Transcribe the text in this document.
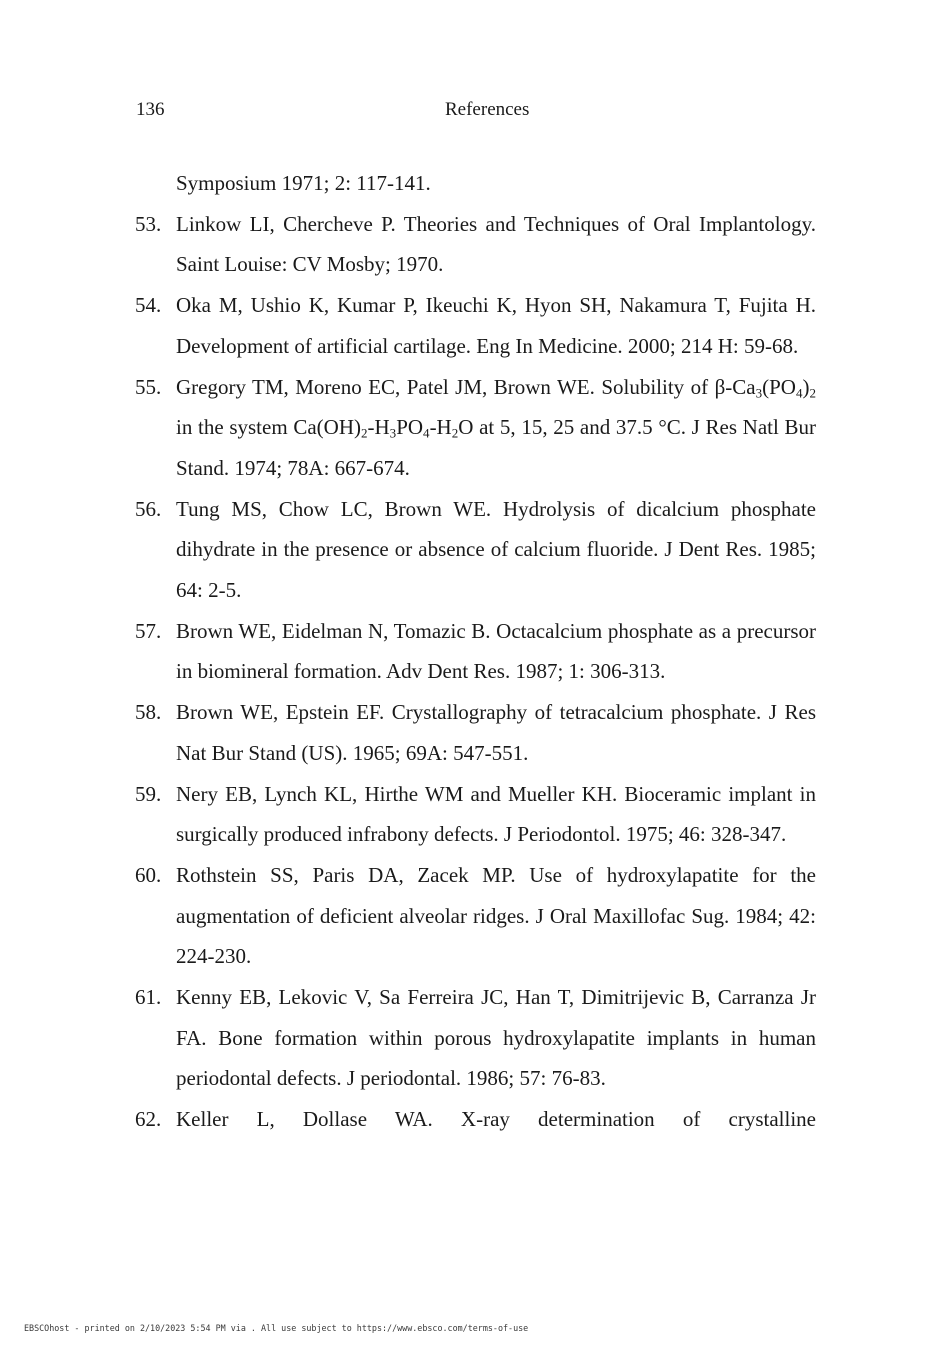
136	References
Symposium 1971; 2: 117-141.
53 . Linkow LI, Chercheve P. Theories and Techniques of Oral Implantology. Saint Louise: CV Mosby; 1970.
54 . Oka M, Ushio K, Kumar P, Ikeuchi K, Hyon SH, Nakamura T, Fujita H. Development of artificial cartilage. Eng In Medicine. 2000; 214 H: 59-68.
55 . Gregory TM, Moreno EC, Patel JM, Brown WE. Solubility of $\beta-Ca_3(PO_4)_2$ in the system $Ca(OH)_2-H_3PO_4-H_2O$ at 5, 15, 25 and 37.5 °C. J Res Natl Bur Stand. 1974; 78A: 667-674.
56 . Tung MS, Chow LC, Brown WE. Hydrolysis of dicalcium phosphate dihydrate in the presence or absence of calcium fluoride. J Dent Res. 1985; 64: 2-5.
57 . Brown WE, Eidelman N, Tomazic B. Octacalcium phosphate as a precursor in biomineral formation. Adv Dent Res. 1987; 1: 306-313.
58 . Brown WE, Epstein EF. Crystallography of tetracalcium phosphate. J Res Nat Bur Stand (US). 1965; 69A: 547-551.
59 . Nery EB, Lynch KL, Hirthe WM and Mueller KH. Bioceramic implant in surgically produced infrabony defects. J Periodontol. 1975; 46: 328-347.
60 . Rothstein SS, Paris DA, Zacek MP. Use of hydroxylapatite for the augmentation of deficient alveolar ridges. J Oral Maxillofac Sug. 1984; 42: 224-230.
61 . Kenny EB, Lekovic V, Sa Ferreira JC, Han T, Dimitrijevic B, Carranza Jr FA. Bone formation within porous hydroxylapatite implants in human periodontal defects. J periodontal. 1986; 57: 76-83.
62 . Keller L, Dollase WA. X-ray determination of crystalline
EBSCOhost - printed on 2/10/2023 5:54 PM via . All use subject to https://www.ebsco.com/terms-of-use
